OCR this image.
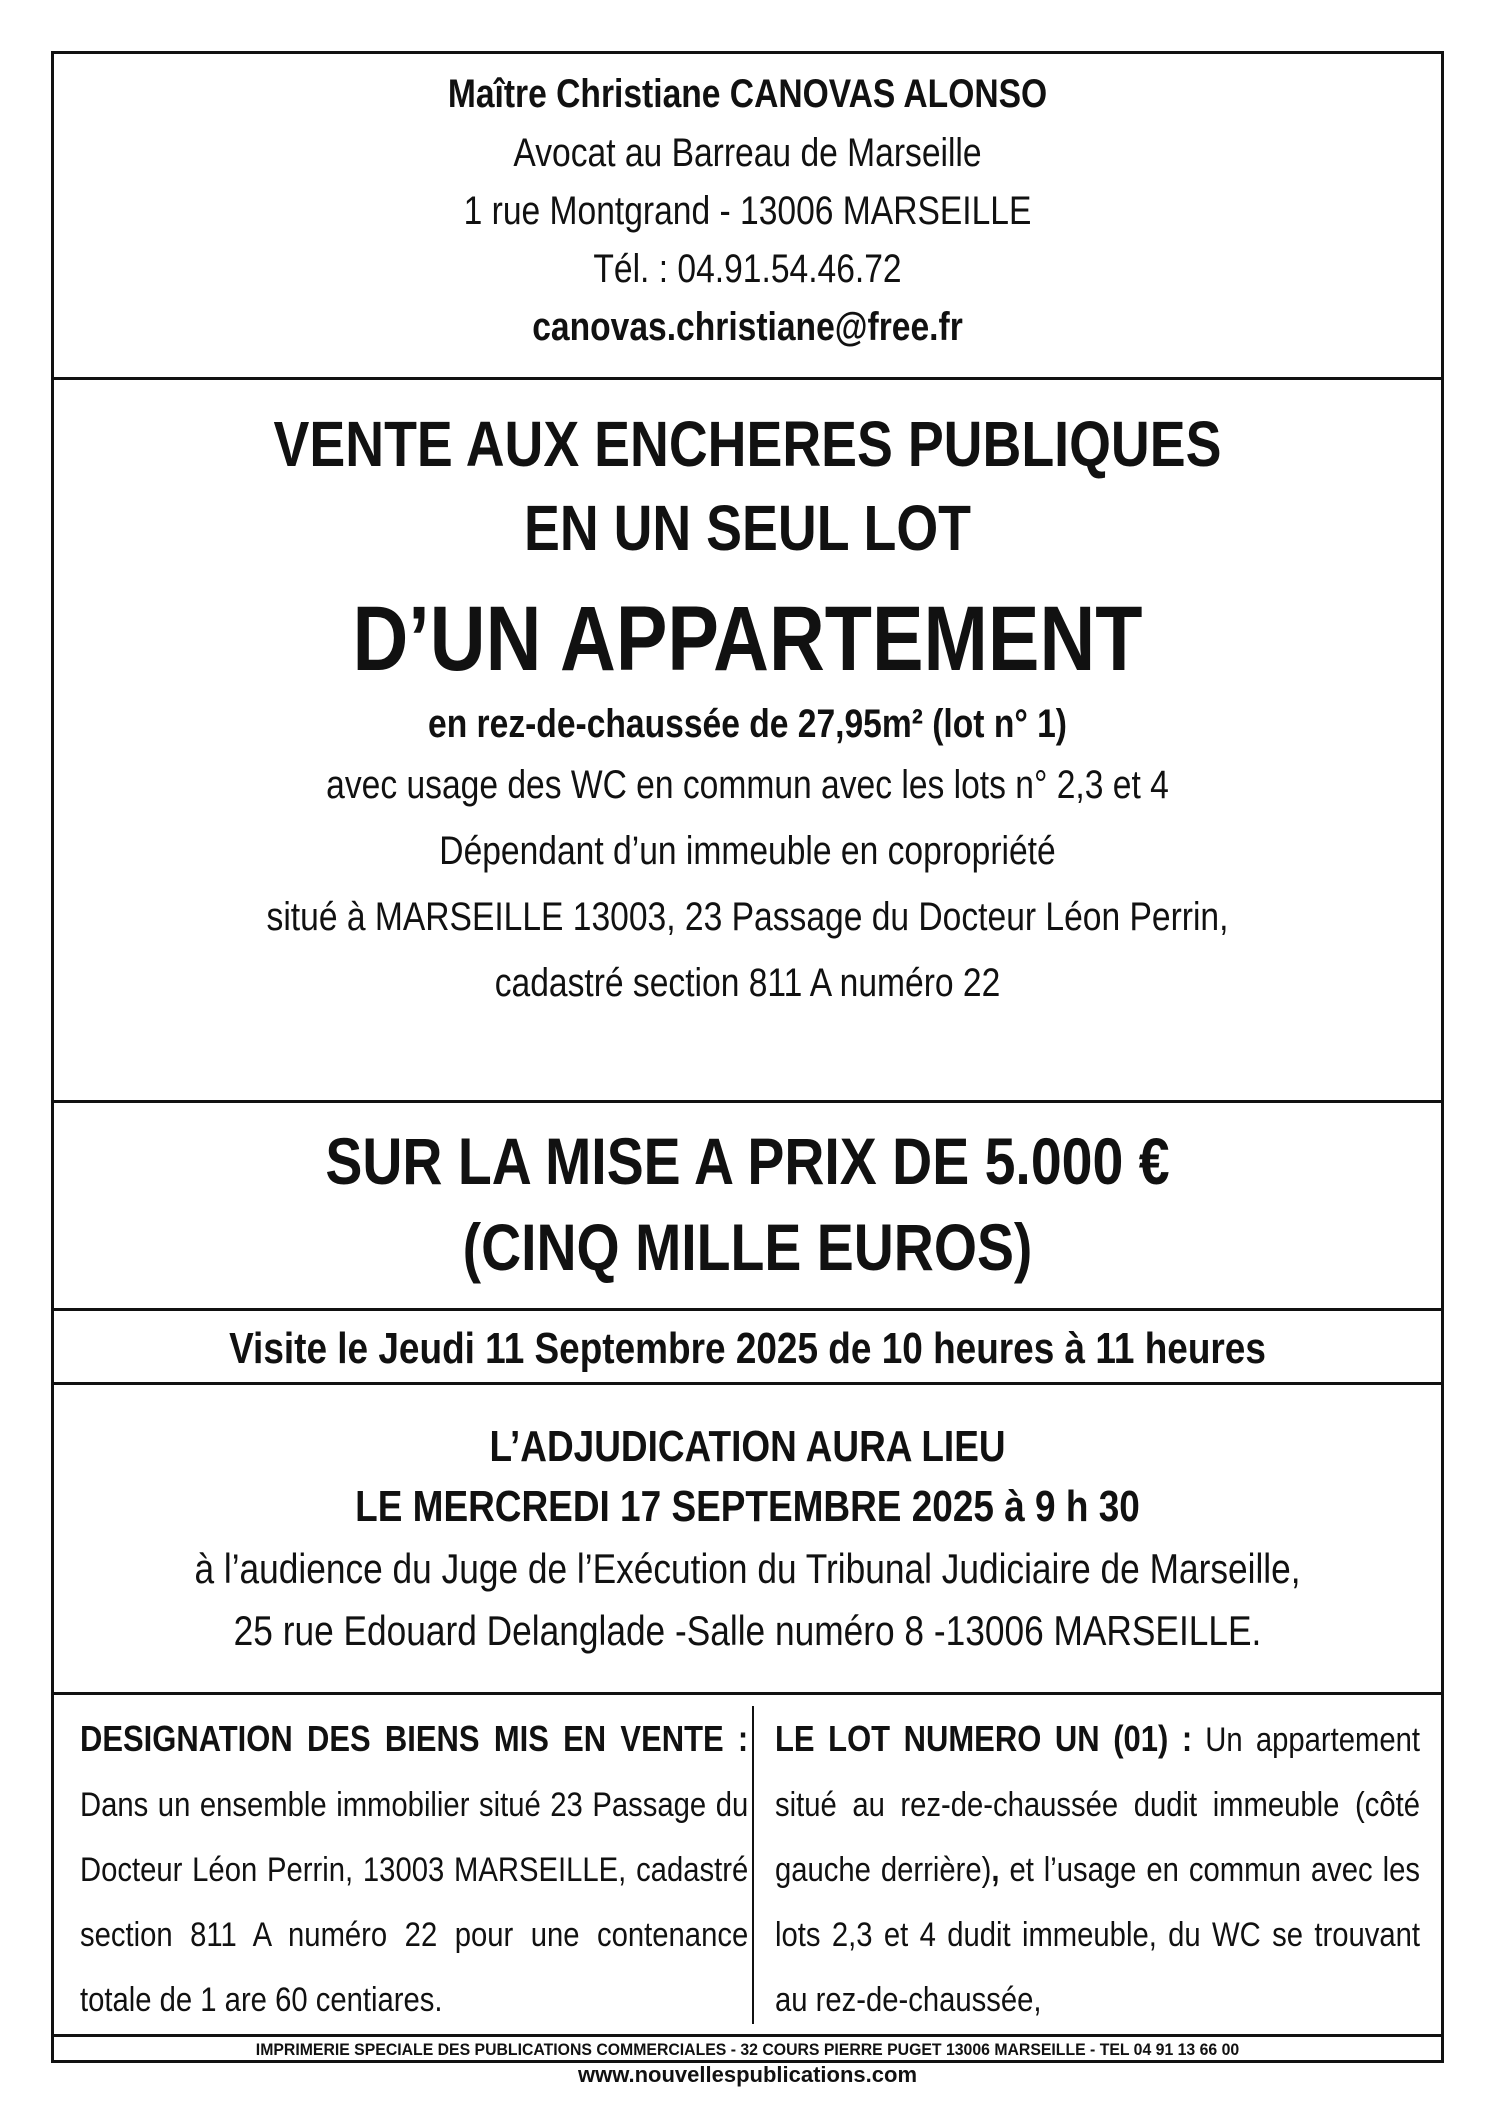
Maître Christiane CANOVAS ALONSO
Avocat au Barreau de Marseille
1 rue Montgrand - 13006 MARSEILLE
Tél. : 04.91.54.46.72
canovas.christiane@free.fr
VENTE AUX ENCHERES PUBLIQUES
EN UN SEUL LOT
D’UN APPARTEMENT
en rez-de-chaussée de 27,95m² (lot n° 1)
avec usage des WC en commun avec les lots n° 2,3 et 4
Dépendant d’un immeuble en copropriété
situé à MARSEILLE 13003, 23 Passage du Docteur Léon Perrin,
cadastré section 811 A numéro 22
SUR LA MISE A PRIX DE 5.000 €
(CINQ MILLE EUROS)
Visite le Jeudi 11 Septembre 2025 de 10 heures à 11 heures
L’ADJUDICATION AURA LIEU
LE MERCREDI 17 SEPTEMBRE 2025 à 9 h 30
à l’audience du Juge de l’Exécution du Tribunal Judiciaire de Marseille,
25 rue Edouard Delanglade -Salle numéro 8 -13006 MARSEILLE.

DESIGNATION DES BIENS MIS EN VENTE : Dans un ensemble immobilier situé 23 Passage du Docteur Léon Perrin, 13003 MARSEILLE, cadastré section 811 A numéro 22 pour une contenance totale de 1 are 60 centiares.

LE LOT NUMERO UN (01) : Un appartement situé au rez-de-chaussée dudit immeuble (côté gauche derrière), et l’usage en commun avec les lots 2,3 et 4 dudit immeuble, du WC se trouvant au rez-de-chaussée,

IMPRIMERIE SPECIALE DES PUBLICATIONS COMMERCIALES - 32 COURS PIERRE PUGET 13006 MARSEILLE - TEL 04 91 13 66 00
www.nouvellespublications.com
